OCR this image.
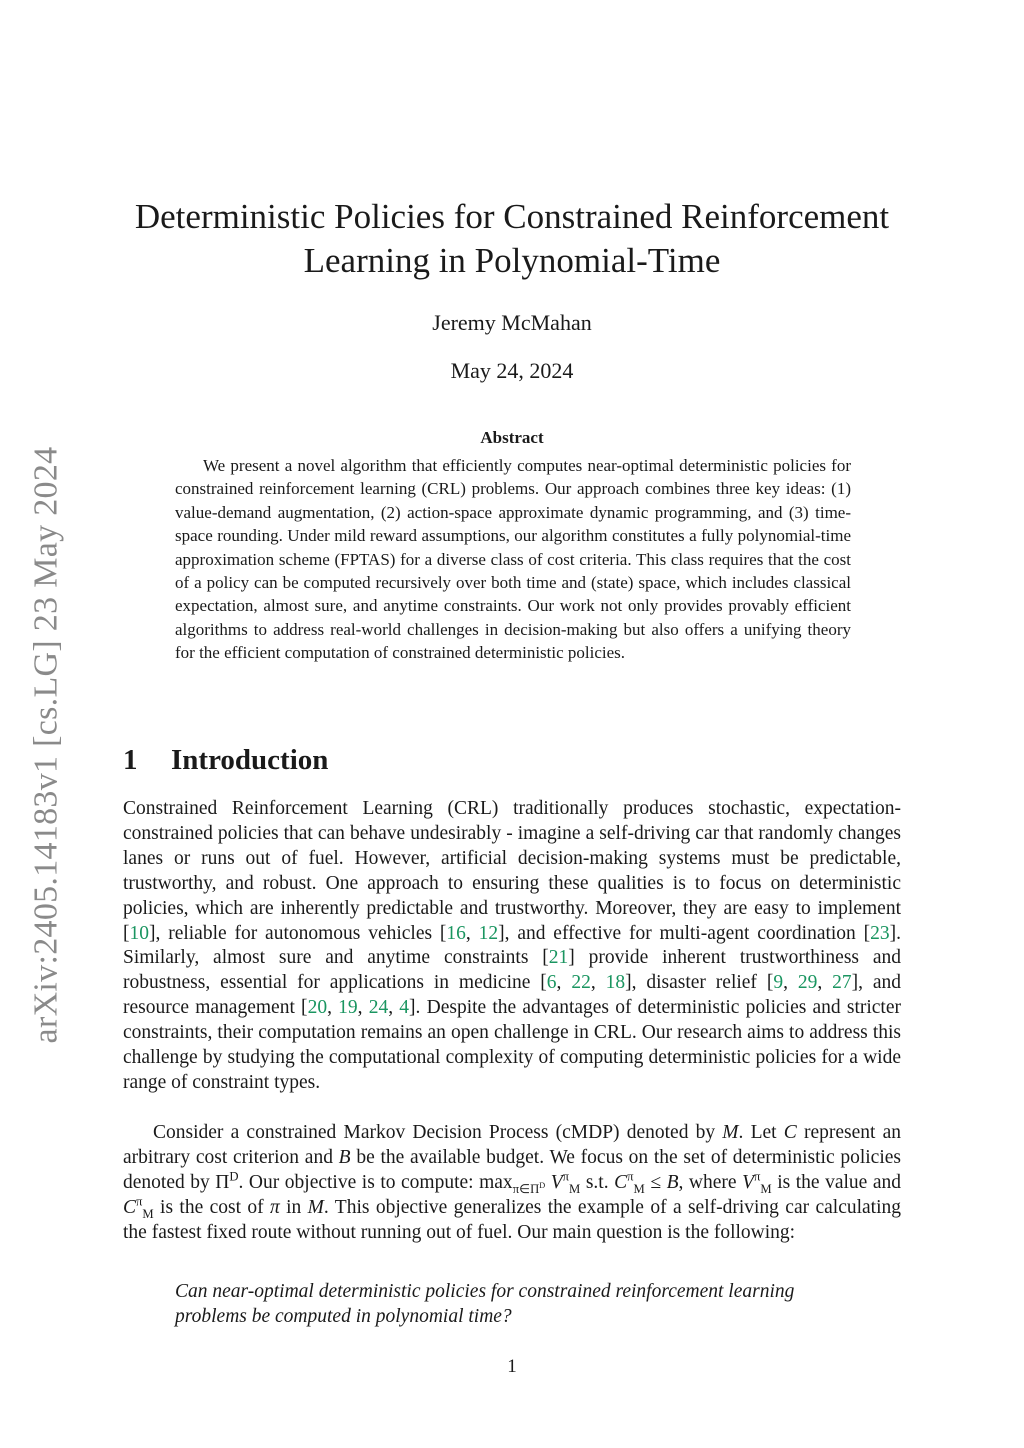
arXiv:2405.14183v1 [cs.LG] 23 May 2024
Deterministic Policies for Constrained Reinforcement
Learning in Polynomial-Time
Jeremy McMahan
May 24, 2024
Abstract

We present a novel algorithm that efficiently computes near-optimal deterministic policies for constrained reinforcement learning (CRL) problems. Our approach combines three key ideas: (1) value-demand augmentation, (2) action-space approximate dynamic programming, and (3) time-space rounding. Under mild reward assumptions, our algorithm constitutes a fully polynomial-time approximation scheme (FPTAS) for a diverse class of cost criteria. This class requires that the cost of a policy can be computed recursively over both time and (state) space, which includes classical expectation, almost sure, and anytime constraints. Our work not only provides provably efficient algorithms to address real-world challenges in decision-making but also offers a unifying theory for the efficient computation of constrained deterministic policies.

1 Introduction

Constrained Reinforcement Learning (CRL) traditionally produces stochastic, expectation-constrained policies that can behave undesirably - imagine a self-driving car that randomly changes lanes or runs out of fuel. However, artificial decision-making systems must be predictable, trustworthy, and robust. One approach to ensuring these qualities is to focus on deterministic policies, which are inherently predictable and trustworthy. Moreover, they are easy to implement [10], reliable for autonomous vehicles [16, 12], and effective for multi-agent coordination [23]. Similarly, almost sure and anytime constraints [21] provide inherent trustworthiness and robustness, essential for applications in medicine [6, 22, 18], disaster relief [9, 29, 27], and resource management [20, 19, 24, 4]. Despite the advantages of deterministic policies and stricter constraints, their computation remains an open challenge in CRL. Our research aims to address this challenge by studying the computational complexity of computing deterministic policies for a wide range of constraint types.

Consider a constrained Markov Decision Process (cMDP) denoted by M. Let C represent an arbitrary cost criterion and B be the available budget. We focus on the set of deterministic policies denoted by $\Pi^D$. Our objective is to compute: $\max_{\pi\in\Pi^D} V^\pi_M$ s.t. $C^\pi_M \le B$, where $V^\pi_M$ is the value and $C^\pi_M$ is the cost of π in M. This objective generalizes the example of a self-driving car calculating the fastest fixed route without running out of fuel. Our main question is the following:

Can near-optimal deterministic policies for constrained reinforcement learning problems be computed in polynomial time?

1
